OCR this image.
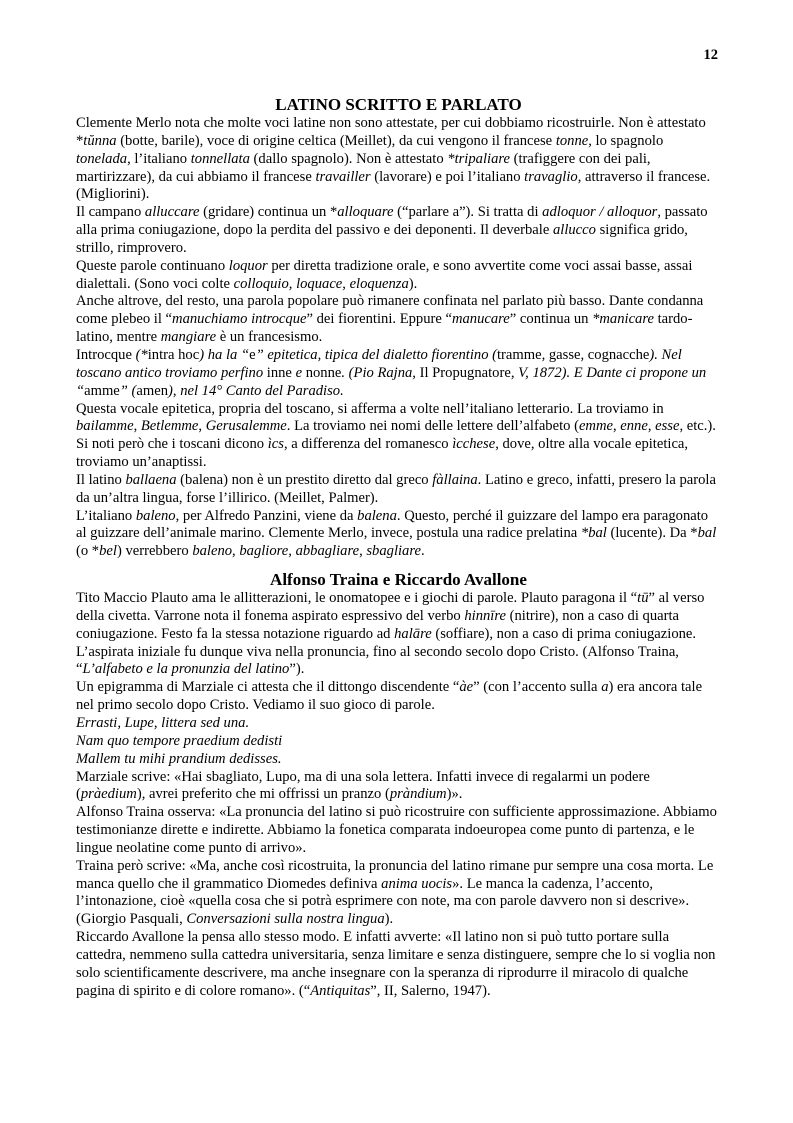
12
LATINO SCRITTO E PARLATO

Clemente Merlo nota che molte voci latine non sono attestate, per cui dobbiamo ricostruirle. Non è attestato *tŭnna (botte, barile), voce di origine celtica (Meillet), da cui vengono il francese tonne, lo spagnolo tonelada, l’italiano tonnellata (dallo spagnolo). Non è attestato *tripaliare (trafiggere con dei pali, martirizzare), da cui abbiamo il francese travailler (lavorare) e poi l’italiano travaglio, attraverso il francese. (Migliorini).

Il campano alluccare (gridare) continua un *alloquare (“parlare a”). Si tratta di adloquor / alloquor, passato alla prima coniugazione, dopo la perdita del passivo e dei deponenti. Il deverbale allucco significa grido, strillo, rimprovero.

Queste parole continuano loquor per diretta tradizione orale, e sono avvertite come voci assai basse, assai dialettali. (Sono voci colte colloquio, loquace, eloquenza).

Anche altrove, del resto, una parola popolare può rimanere confinata nel parlato più basso. Dante condanna come plebeo il “manuchiamo introcque” dei fiorentini. Eppure “manucare” continua un *manicare tardo-latino, mentre mangiare è un francesismo.

Introcque (*intra hoc) ha la “e” epitetica, tipica del dialetto fiorentino (tramme, gasse, cognacche). Nel toscano antico troviamo perfino inne e nonne. (Pio Rajna, Il Propugnatore, V, 1872). E Dante ci propone un “amme” (amen), nel 14° Canto del Paradiso.

Questa vocale epitetica, propria del toscano, si afferma a volte nell’italiano letterario. La troviamo in bailamme, Betlemme, Gerusalemme. La troviamo nei nomi delle lettere dell’alfabeto (emme, enne, esse, etc.). Si noti però che i toscani dicono ìcs, a differenza del romanesco ìcchese, dove, oltre alla vocale epitetica, troviamo un’anaptissi.

Il latino ballaena (balena) non è un prestito diretto dal greco fàllaina. Latino e greco, infatti, presero la parola da un’altra lingua, forse l’illirico. (Meillet, Palmer).

L’italiano baleno, per Alfredo Panzini, viene da balena. Questo, perché il guizzare del lampo era paragonato al guizzare dell’animale marino. Clemente Merlo, invece, postula una radice prelatina *bal (lucente). Da *bal (o *bel) verrebbero baleno, bagliore, abbagliare, sbagliare.

Alfonso Traina e Riccardo Avallone

Tito Maccio Plauto ama le allitterazioni, le onomatopee e i giochi di parole. Plauto paragona il “tū” al verso della civetta. Varrone nota il fonema aspirato espressivo del verbo hinnīre (nitrire), non a caso di quarta coniugazione. Festo fa la stessa notazione riguardo ad halāre (soffiare), non a caso di prima coniugazione. L’aspirata iniziale fu dunque viva nella pronuncia, fino al secondo secolo dopo Cristo. (Alfonso Traina, “L’alfabeto e la pronunzia del latino”).

Un epigramma di Marziale ci attesta che il dittongo discendente “àe” (con l’accento sulla a) era ancora tale nel primo secolo dopo Cristo. Vediamo il suo gioco di parole.

Errasti, Lupe, littera sed una.

Nam quo tempore praedium dedisti

Mallem tu mihi prandium dedisses.

Marziale scrive: «Hai sbagliato, Lupo, ma di una sola lettera. Infatti invece di regalarmi un podere (pràedium), avrei preferito che mi offrissi un pranzo (pràndium)».

Alfonso Traina osserva: «La pronuncia del latino si può ricostruire con sufficiente approssimazione. Abbiamo testimonianze dirette e indirette. Abbiamo la fonetica comparata indoeuropea come punto di partenza, e le lingue neolatine come punto di arrivo».

Traina però scrive: «Ma, anche così ricostruita, la pronuncia del latino rimane pur sempre una cosa morta. Le manca quello che il grammatico Diomedes definiva anima uocis». Le manca la cadenza, l’accento, l’intonazione, cioè «quella cosa che si potrà esprimere con note, ma con parole davvero non si descrive». (Giorgio Pasquali, Conversazioni sulla nostra lingua).

Riccardo Avallone la pensa allo stesso modo. E infatti avverte: «Il latino non si può tutto portare sulla cattedra, nemmeno sulla cattedra universitaria, senza limitare e senza distinguere, sempre che lo si voglia non solo scientificamente descrivere, ma anche insegnare con la speranza di riprodurre il miracolo di qualche pagina di spirito e di colore romano». (“Antiquitas”, II, Salerno, 1947).
